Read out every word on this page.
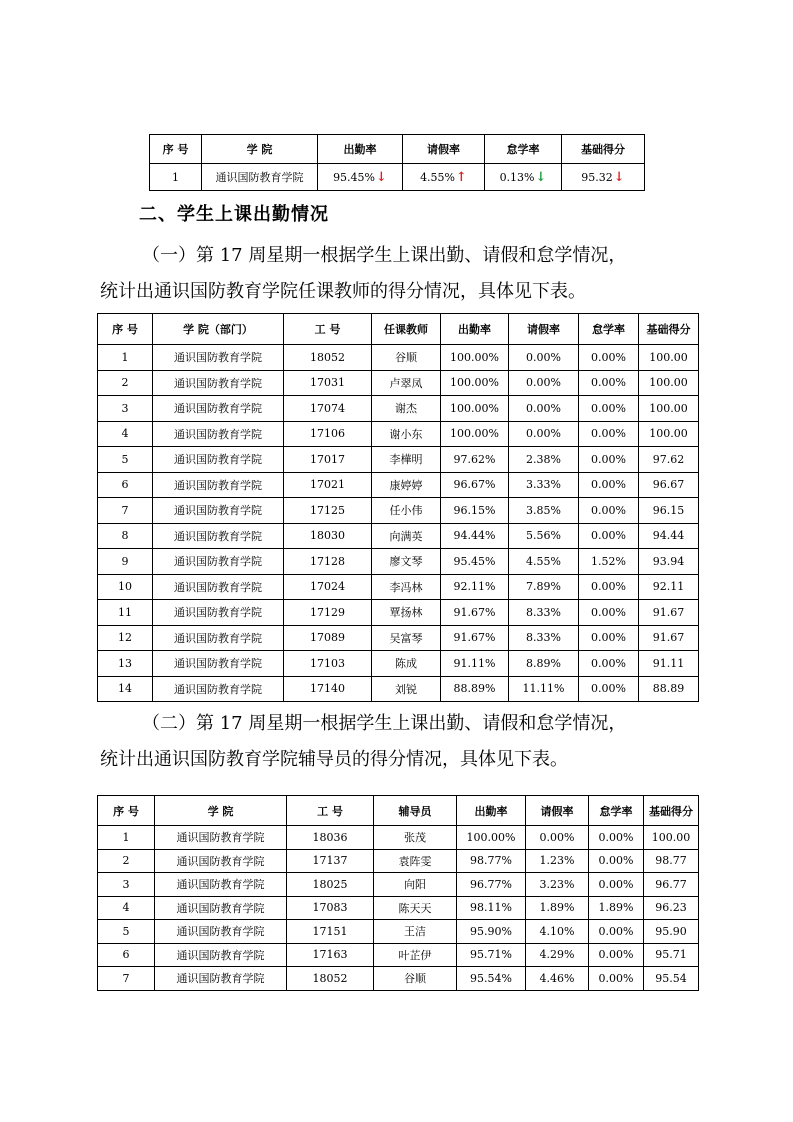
序 号	学 院	出勤率	请假率	怠学率	基础得分
1	通识国防教育学院	95.45%↓	4.55%↑	0.13%↓	95.32↓
二、学生上课出勤情况
（一）第 17 周星期一根据学生上课出勤、请假和怠学情况，
统计出通识国防教育学院任课教师的得分情况，具体见下表。
序 号	学 院（部门）	工 号	任课教师	出勤率	请假率	怠学率	基础得分
1	通识国防教育学院	18052	谷顺	100.00%	0.00%	0.00%	100.00
2	通识国防教育学院	17031	卢翠凤	100.00%	0.00%	0.00%	100.00
3	通识国防教育学院	17074	谢杰	100.00%	0.00%	0.00%	100.00
4	通识国防教育学院	17106	谢小东	100.00%	0.00%	0.00%	100.00
5	通识国防教育学院	17017	李樺明	97.62%	2.38%	0.00%	97.62
6	通识国防教育学院	17021	康婷婷	96.67%	3.33%	0.00%	96.67
7	通识国防教育学院	17125	任小伟	96.15%	3.85%	0.00%	96.15
8	通识国防教育学院	18030	向满英	94.44%	5.56%	0.00%	94.44
9	通识国防教育学院	17128	廖文琴	95.45%	4.55%	1.52%	93.94
10	通识国防教育学院	17024	李冯林	92.11%	7.89%	0.00%	92.11
11	通识国防教育学院	17129	覃扬林	91.67%	8.33%	0.00%	91.67
12	通识国防教育学院	17089	吴富琴	91.67%	8.33%	0.00%	91.67
13	通识国防教育学院	17103	陈成	91.11%	8.89%	0.00%	91.11
14	通识国防教育学院	17140	刘锐	88.89%	11.11%	0.00%	88.89
（二）第 17 周星期一根据学生上课出勤、请假和怠学情况，
统计出通识国防教育学院辅导员的得分情况，具体见下表。
序 号	学 院	工 号	辅导员	出勤率	请假率	怠学率	基础得分
1	通识国防教育学院	18036	张茂	100.00%	0.00%	0.00%	100.00
2	通识国防教育学院	17137	袁阵雯	98.77%	1.23%	0.00%	98.77
3	通识国防教育学院	18025	向阳	96.77%	3.23%	0.00%	96.77
4	通识国防教育学院	17083	陈天天	98.11%	1.89%	1.89%	96.23
5	通识国防教育学院	17151	王洁	95.90%	4.10%	0.00%	95.90
6	通识国防教育学院	17163	叶芷伊	95.71%	4.29%	0.00%	95.71
7	通识国防教育学院	18052	谷顺	95.54%	4.46%	0.00%	95.54
